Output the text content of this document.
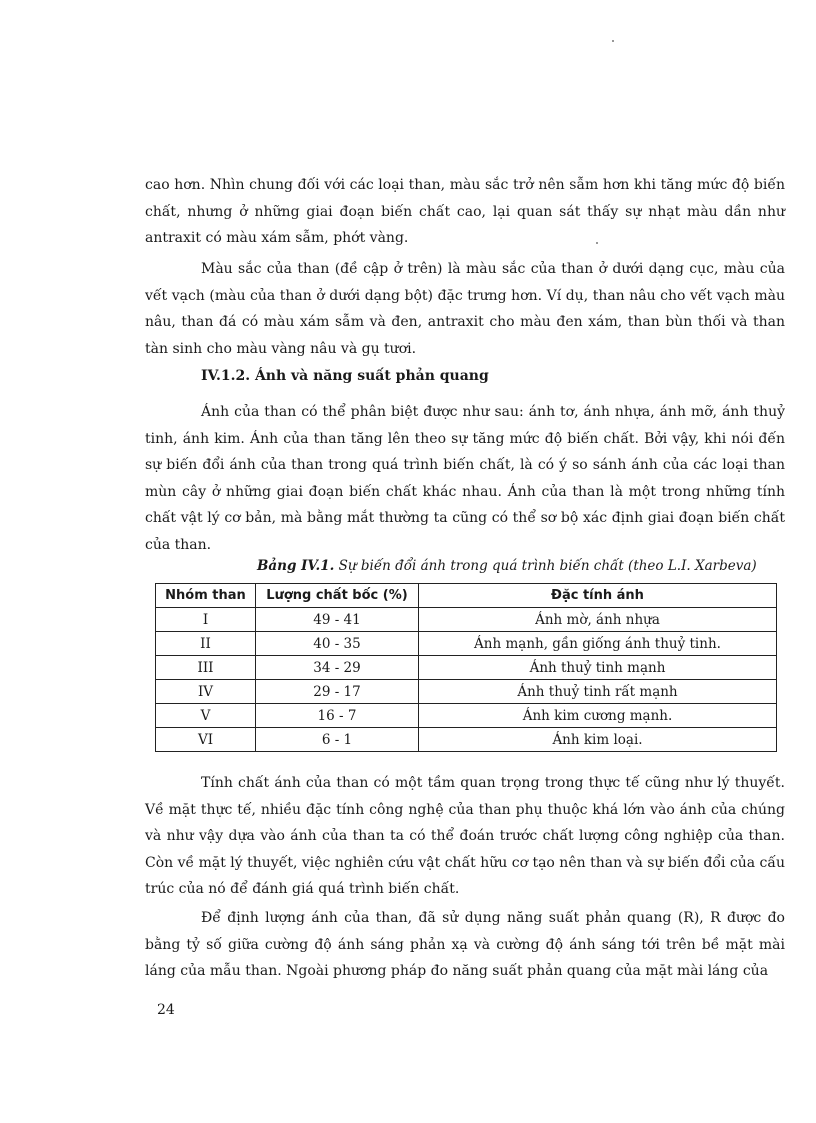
cao hơn. Nhìn chung đối với các loại than, màu sắc trở nên sẫm hơn khi tăng mức độ biến chất, nhưng ở những giai đoạn biến chất cao, lại quan sát thấy sự nhạt màu dần như antraxit có màu xám sẫm, phớt vàng.

Màu sắc của than (đề cập ở trên) là màu sắc của than ở dưới dạng cục, màu của vết vạch (màu của than ở dưới dạng bột) đặc trưng hơn. Ví dụ, than nâu cho vết vạch màu nâu, than đá có màu xám sẫm và đen, antraxit cho màu đen xám, than bùn thối và than tàn sinh cho màu vàng nâu và gụ tươi.

IV.1.2. Ánh và năng suất phản quang

Ánh của than có thể phân biệt được như sau: ánh tơ, ánh nhựa, ánh mỡ, ánh thuỷ tinh, ánh kim. Ánh của than tăng lên theo sự tăng mức độ biến chất. Bởi vậy, khi nói đến sự biến đổi ánh của than trong quá trình biến chất, là có ý so sánh ánh của các loại than mùn cây ở những giai đoạn biến chất khác nhau. Ánh của than là một trong những tính chất vật lý cơ bản, mà bằng mắt thường ta cũng có thể sơ bộ xác định giai đoạn biến chất của than.

Bảng IV.1. Sự biến đổi ánh trong quá trình biến chất (theo L.I. Xarbeva)

Nhóm than	Lượng chất bốc (%)	Đặc tính ánh
I	49 - 41	Ánh mờ, ánh nhựa
II	40 - 35	Ánh mạnh, gần giống ánh thuỷ tinh.
III	34 - 29	Ánh thuỷ tinh mạnh
IV	29 - 17	Ánh thuỷ tinh rất mạnh
V	16 - 7	Ánh kim cương mạnh.
VI	6 - 1	Ánh kim loại.

Tính chất ánh của than có một tầm quan trọng trong thực tế cũng như lý thuyết. Về mặt thực tế, nhiều đặc tính công nghệ của than phụ thuộc khá lớn vào ánh của chúng và như vậy dựa vào ánh của than ta có thể đoán trước chất lượng công nghiệp của than. Còn về mặt lý thuyết, việc nghiên cứu vật chất hữu cơ tạo nên than và sự biến đổi của cấu trúc của nó để đánh giá quá trình biến chất.

Để định lượng ánh của than, đã sử dụng năng suất phản quang (R), R được đo bằng tỷ số giữa cường độ ánh sáng phản xạ và cường độ ánh sáng tới trên bề mặt mài láng của mẫu than. Ngoài phương pháp đo năng suất phản quang của mặt mài láng của

24
